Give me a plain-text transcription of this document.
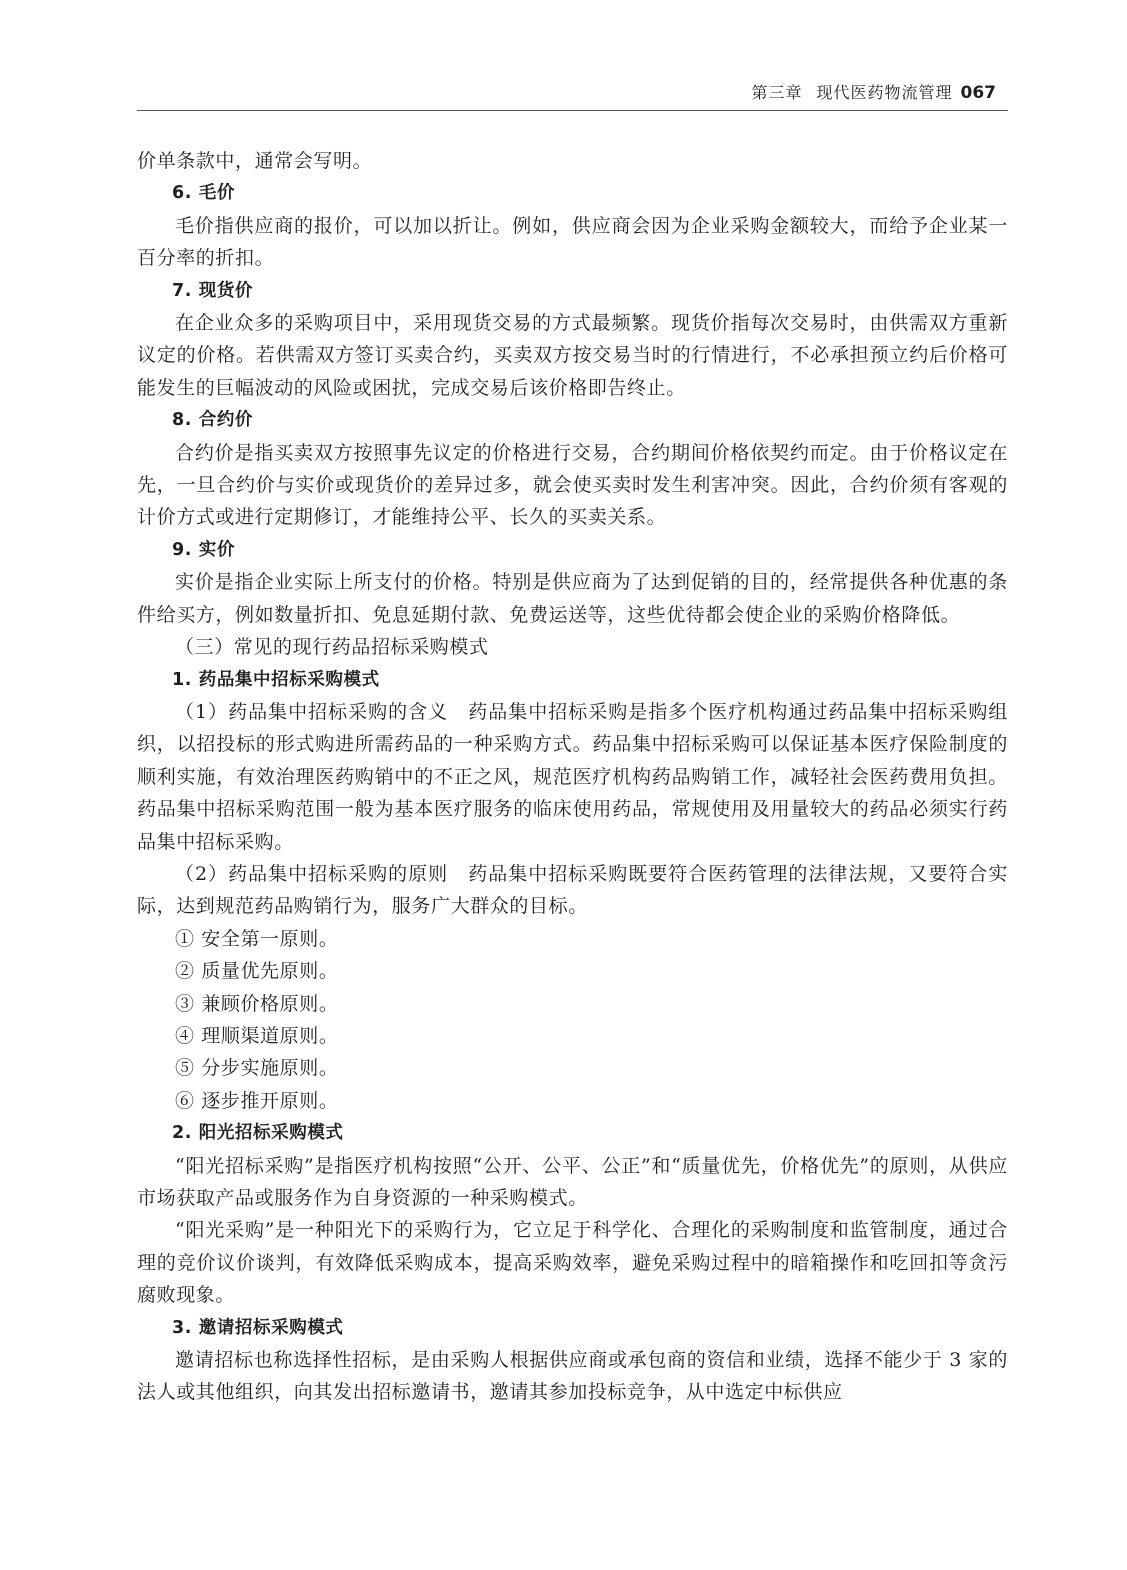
第三章 现代医药物流管理 067

价单条款中，通常会写明。

6. 毛价

毛价指供应商的报价，可以加以折让。例如，供应商会因为企业采购金额较大，而给予企业某一百分率的折扣。

7. 现货价

在企业众多的采购项目中，采用现货交易的方式最频繁。现货价指每次交易时，由供需双方重新议定的价格。若供需双方签订买卖合约，买卖双方按交易当时的行情进行，不必承担预立约后价格可能发生的巨幅波动的风险或困扰，完成交易后该价格即告终止。

8. 合约价

合约价是指买卖双方按照事先议定的价格进行交易，合约期间价格依契约而定。由于价格议定在先，一旦合约价与实价或现货价的差异过多，就会使买卖时发生利害冲突。因此，合约价须有客观的计价方式或进行定期修订，才能维持公平、长久的买卖关系。

9. 实价

实价是指企业实际上所支付的价格。特别是供应商为了达到促销的目的，经常提供各种优惠的条件给买方，例如数量折扣、免息延期付款、免费运送等，这些优待都会使企业的采购价格降低。

（三）常见的现行药品招标采购模式
1. 药品集中招标采购模式

（1）药品集中招标采购的含义　药品集中招标采购是指多个医疗机构通过药品集中招标采购组织，以招投标的形式购进所需药品的一种采购方式。药品集中招标采购可以保证基本医疗保险制度的顺利实施，有效治理医药购销中的不正之风，规范医疗机构药品购销工作，减轻社会医药费用负担。药品集中招标采购范围一般为基本医疗服务的临床使用药品，常规使用及用量较大的药品必须实行药品集中招标采购。

（2）药品集中招标采购的原则　药品集中招标采购既要符合医药管理的法律法规，又要符合实际，达到规范药品购销行为，服务广大群众的目标。

① 安全第一原则。
② 质量优先原则。
③ 兼顾价格原则。
④ 理顺渠道原则。
⑤ 分步实施原则。
⑥ 逐步推开原则。
2. 阳光招标采购模式

“阳光招标采购”是指医疗机构按照“公开、公平、公正”和“质量优先，价格优先”的原则，从供应市场获取产品或服务作为自身资源的一种采购模式。

“阳光采购”是一种阳光下的采购行为，它立足于科学化、合理化的采购制度和监管制度，通过合理的竞价议价谈判，有效降低采购成本，提高采购效率，避免采购过程中的暗箱操作和吃回扣等贪污腐败现象。

3. 邀请招标采购模式

邀请招标也称选择性招标，是由采购人根据供应商或承包商的资信和业绩，选择不能少于 3 家的法人或其他组织，向其发出招标邀请书，邀请其参加投标竞争，从中选定中标供应
